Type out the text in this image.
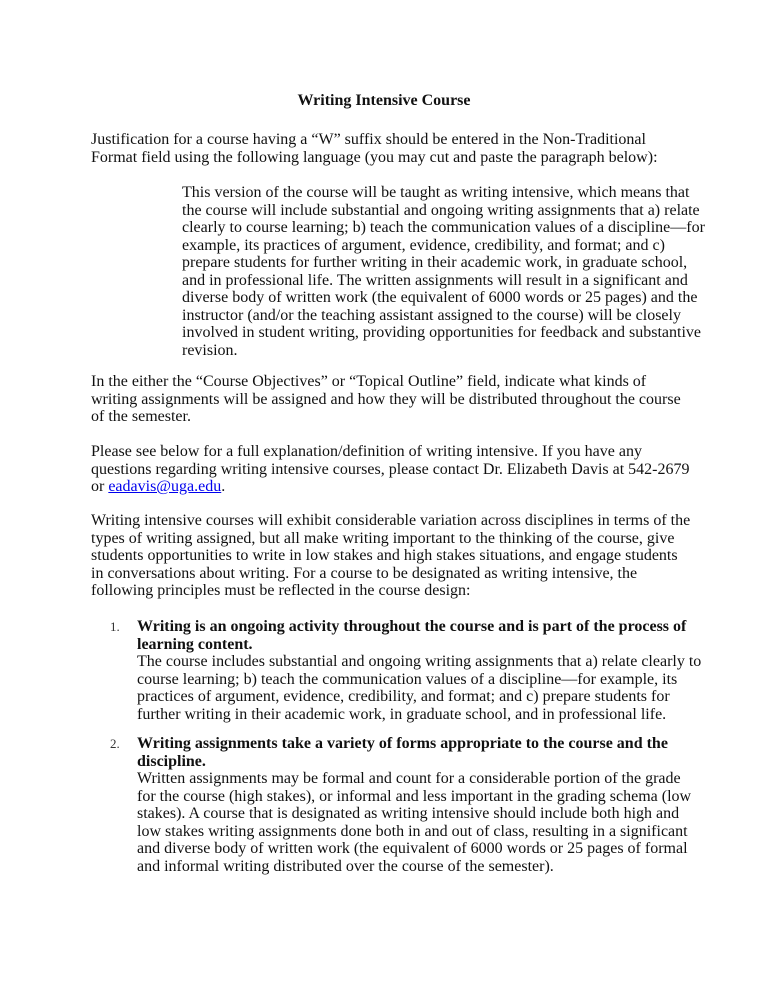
Writing Intensive Course

Justification for a course having a “W” suffix should be entered in the Non-Traditional Format field using the following language (you may cut and paste the paragraph below):

This version of the course will be taught as writing intensive, which means that the course will include substantial and ongoing writing assignments that a) relate clearly to course learning; b) teach the communication values of a discipline—for example, its practices of argument, evidence, credibility, and format; and c) prepare students for further writing in their academic work, in graduate school, and in professional life. The written assignments will result in a significant and diverse body of written work (the equivalent of 6000 words or 25 pages) and the instructor (and/or the teaching assistant assigned to the course) will be closely involved in student writing, providing opportunities for feedback and substantive revision.

In the either the “Course Objectives” or “Topical Outline” field, indicate what kinds of writing assignments will be assigned and how they will be distributed throughout the course of the semester.

Please see below for a full explanation/definition of writing intensive. If you have any questions regarding writing intensive courses, please contact Dr. Elizabeth Davis at 542-2679 or eadavis@uga.edu.

Writing intensive courses will exhibit considerable variation across disciplines in terms of the types of writing assigned, but all make writing important to the thinking of the course, give students opportunities to write in low stakes and high stakes situations, and engage students in conversations about writing. For a course to be designated as writing intensive, the following principles must be reflected in the course design:

1. Writing is an ongoing activity throughout the course and is part of the process of learning content.
The course includes substantial and ongoing writing assignments that a) relate clearly to course learning; b) teach the communication values of a discipline—for example, its practices of argument, evidence, credibility, and format; and c) prepare students for further writing in their academic work, in graduate school, and in professional life.
2. Writing assignments take a variety of forms appropriate to the course and the discipline.
Written assignments may be formal and count for a considerable portion of the grade for the course (high stakes), or informal and less important in the grading schema (low stakes). A course that is designated as writing intensive should include both high and low stakes writing assignments done both in and out of class, resulting in a significant and diverse body of written work (the equivalent of 6000 words or 25 pages of formal and informal writing distributed over the course of the semester).
